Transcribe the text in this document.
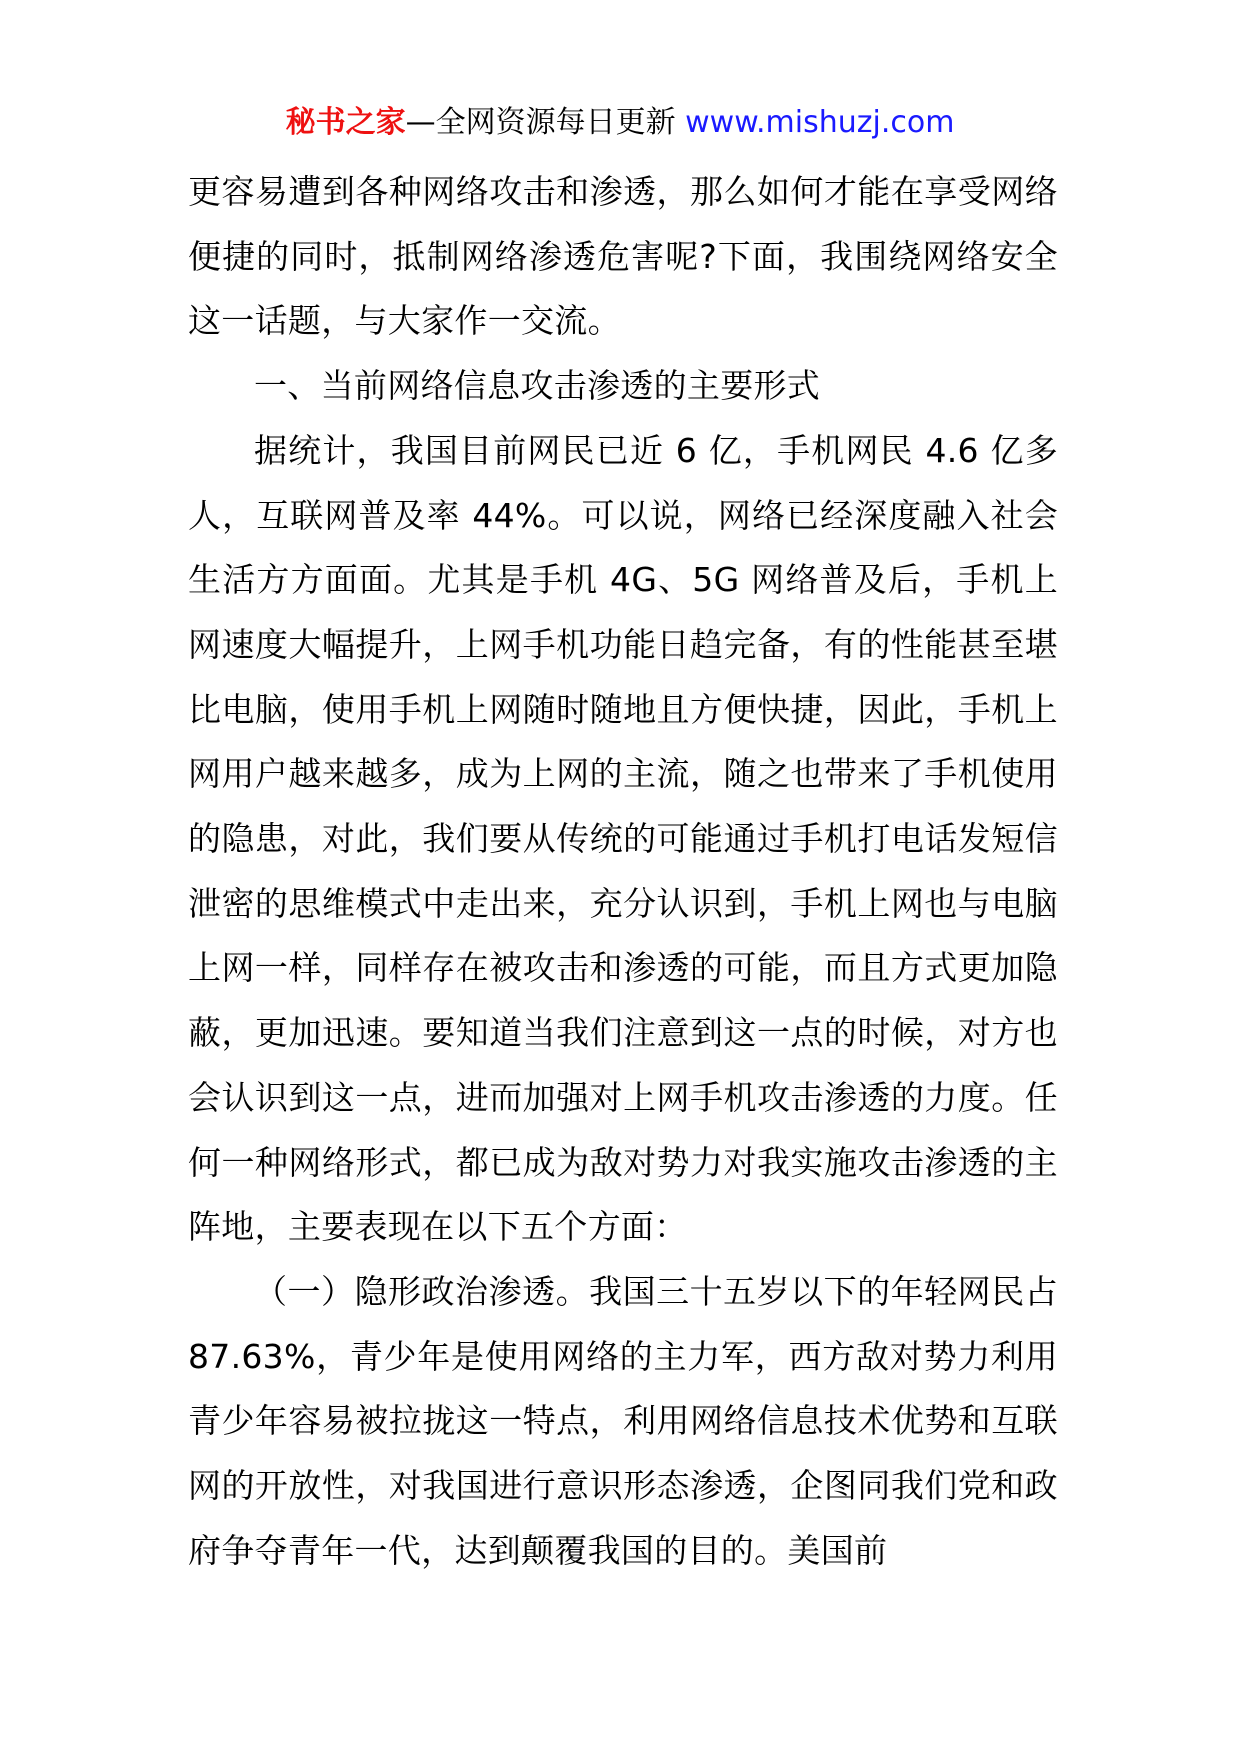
秘书之家—全网资源每日更新 www.mishuzj.com

更容易遭到各种网络攻击和渗透，那么如何才能在享受网络便捷的同时，抵制网络渗透危害呢?下面，我围绕网络安全这一话题，与大家作一交流。

一、当前网络信息攻击渗透的主要形式

据统计，我国目前网民已近 6 亿，手机网民 4.6 亿多人，互联网普及率 44%。可以说，网络已经深度融入社会生活方方面面。尤其是手机 4G、5G 网络普及后，手机上网速度大幅提升，上网手机功能日趋完备，有的性能甚至堪比电脑，使用手机上网随时随地且方便快捷，因此，手机上网用户越来越多，成为上网的主流，随之也带来了手机使用的隐患，对此，我们要从传统的可能通过手机打电话发短信泄密的思维模式中走出来，充分认识到，手机上网也与电脑上网一样，同样存在被攻击和渗透的可能，而且方式更加隐蔽，更加迅速。要知道当我们注意到这一点的时候，对方也会认识到这一点，进而加强对上网手机攻击渗透的力度。任何一种网络形式，都已成为敌对势力对我实施攻击渗透的主阵地，主要表现在以下五个方面：

（一）隐形政治渗透。我国三十五岁以下的年轻网民占 87.63%，青少年是使用网络的主力军，西方敌对势力利用青少年容易被拉拢这一特点，利用网络信息技术优势和互联网的开放性，对我国进行意识形态渗透，企图同我们党和政府争夺青年一代，达到颠覆我国的目的。美国前
